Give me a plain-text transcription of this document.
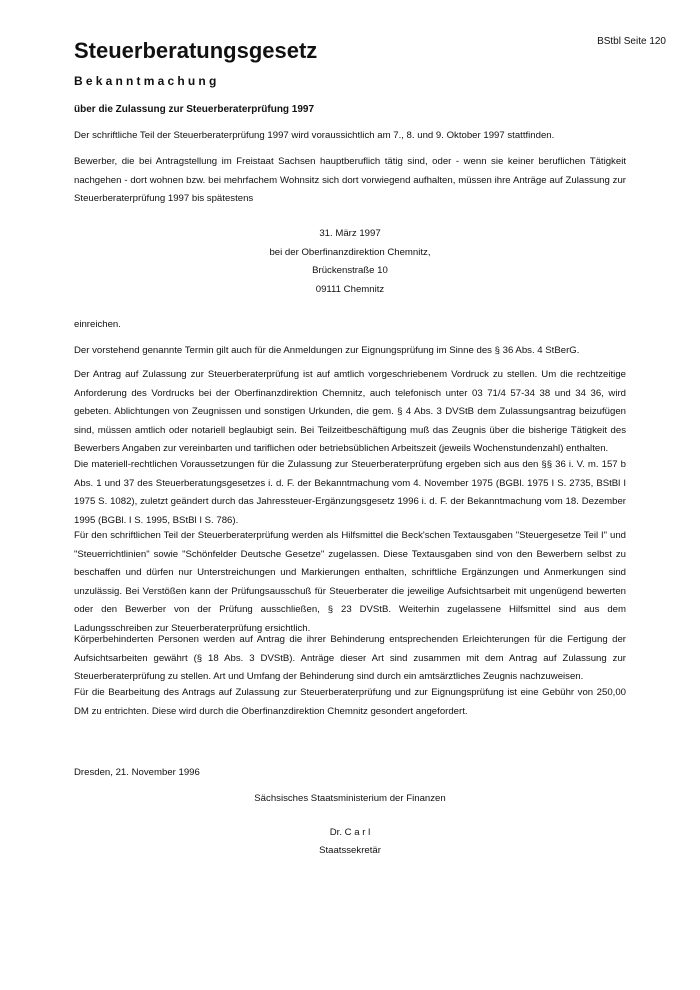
BStbl Seite 120
Steuerberatungsgesetz
Bekanntmachung
über die Zulassung zur Steuerberaterprüfung 1997

Der schriftliche Teil der Steuerberaterprüfung 1997 wird voraussichtlich am 7., 8. und 9. Oktober 1997 stattfinden.

Bewerber, die bei Antragstellung im Freistaat Sachsen hauptberuflich tätig sind, oder - wenn sie keiner beruflichen Tätigkeit nachgehen - dort wohnen bzw. bei mehrfachem Wohnsitz sich dort vorwiegend aufhalten, müssen ihre Anträge auf Zulassung zur Steuerberaterprüfung 1997 bis spätestens

31. März 1997
bei der Oberfinanzdirektion Chemnitz,
Brückenstraße 10
09111 Chemnitz

einreichen.

Der vorstehend genannte Termin gilt auch für die Anmeldungen zur Eignungsprüfung im Sinne des § 36 Abs. 4 StBerG.

Der Antrag auf Zulassung zur Steuerberaterprüfung ist auf amtlich vorgeschriebenem Vordruck zu stellen. Um die rechtzeitige Anforderung des Vordrucks bei der Oberfinanzdirektion Chemnitz, auch telefonisch unter 03 71/4 57-34 38 und 34 36, wird gebeten. Ablichtungen von Zeugnissen und sonstigen Urkunden, die gem. § 4 Abs. 3 DVStB dem Zulassungsantrag beizufügen sind, müssen amtlich oder notariell beglaubigt sein. Bei Teilzeitbeschäftigung muß das Zeugnis über die bisherige Tätigkeit des Bewerbers Angaben zur vereinbarten und tariflichen oder betriebsüblichen Arbeitszeit (jeweils Wochenstundenzahl) enthalten.

Die materiell-rechtlichen Voraussetzungen für die Zulassung zur Steuerberaterprüfung ergeben sich aus den §§ 36 i. V. m. 157 b Abs. 1 und 37 des Steuerberatungsgesetzes i. d. F. der Bekanntmachung vom 4. November 1975 (BGBl. 1975 I S. 2735, BStBl I 1975 S. 1082), zuletzt geändert durch das Jahressteuer-Ergänzungsgesetz 1996 i. d. F. der Bekanntmachung vom 18. Dezember 1995 (BGBl. I S. 1995, BStBl I S. 786).

Für den schriftlichen Teil der Steuerberaterprüfung werden als Hilfsmittel die Beck'schen Textausgaben "Steuergesetze Teil I" und "Steuerrichtlinien" sowie "Schönfelder Deutsche Gesetze" zugelassen. Diese Textausgaben sind von den Bewerbern selbst zu beschaffen und dürfen nur Unterstreichungen und Markierungen enthalten, schriftliche Ergänzungen und Anmerkungen sind unzulässig. Bei Verstößen kann der Prüfungsausschuß für Steuerberater die jeweilige Aufsichtsarbeit mit ungenügend bewerten oder den Bewerber von der Prüfung ausschließen, § 23 DVStB. Weiterhin zugelassene Hilfsmittel sind aus dem Ladungsschreiben zur Steuerberaterprüfung ersichtlich.

Körperbehinderten Personen werden auf Antrag die ihrer Behinderung entsprechenden Erleichterungen für die Fertigung der Aufsichtsarbeiten gewährt (§ 18 Abs. 3 DVStB). Anträge dieser Art sind zusammen mit dem Antrag auf Zulassung zur Steuerberaterprüfung zu stellen. Art und Umfang der Behinderung sind durch ein amtsärztliches Zeugnis nachzuweisen.

Für die Bearbeitung des Antrags auf Zulassung zur Steuerberaterprüfung und zur Eignungsprüfung ist eine Gebühr von 250,00 DM zu entrichten. Diese wird durch die Oberfinanzdirektion Chemnitz gesondert angefordert.

Dresden, 21. November 1996

Sächsisches Staatsministerium der Finanzen
Dr. C a r l
Staatssekretär
